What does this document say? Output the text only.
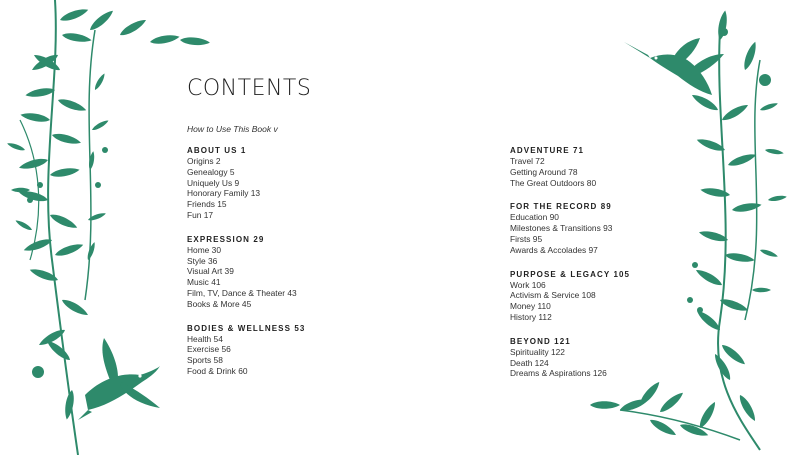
CONTENTS
How to Use This Book v
ABOUT US 1
Origins 2
Genealogy 5
Uniquely Us 9
Honorary Family 13
Friends 15
Fun 17
EXPRESSION 29
Home 30
Style 36
Visual Art 39
Music 41
Film, TV, Dance & Theater 43
Books & More 45
BODIES & WELLNESS 53
Health 54
Exercise 56
Sports 58
Food & Drink 60
ADVENTURE 71
Travel 72
Getting Around 78
The Great Outdoors 80
FOR THE RECORD 89
Education 90
Milestones & Transitions 93
Firsts 95
Awards & Accolades 97
PURPOSE & LEGACY 105
Work 106
Activism & Service 108
Money 110
History 112
BEYOND 121
Spirituality 122
Death 124
Dreams & Aspirations 126
